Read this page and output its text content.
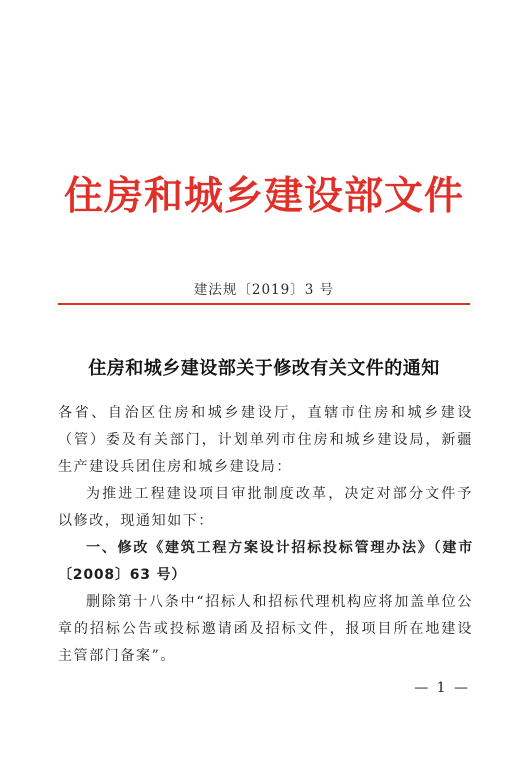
住房和城乡建设部文件
建法规〔2019〕3 号
住房和城乡建设部关于修改有关文件的通知
各省、自治区住房和城乡建设厅，直辖市住房和城乡建设（管）委及有关部门，计划单列市住房和城乡建设局，新疆生产建设兵团住房和城乡建设局：
为推进工程建设项目审批制度改革，决定对部分文件予以修改，现通知如下：
一、修改《建筑工程方案设计招标投标管理办法》（建市〔2008〕63 号）
删除第十八条中“招标人和招标代理机构应将加盖单位公章的招标公告或投标邀请函及招标文件，报项目所在地建设主管部门备案”。
— 1 —
